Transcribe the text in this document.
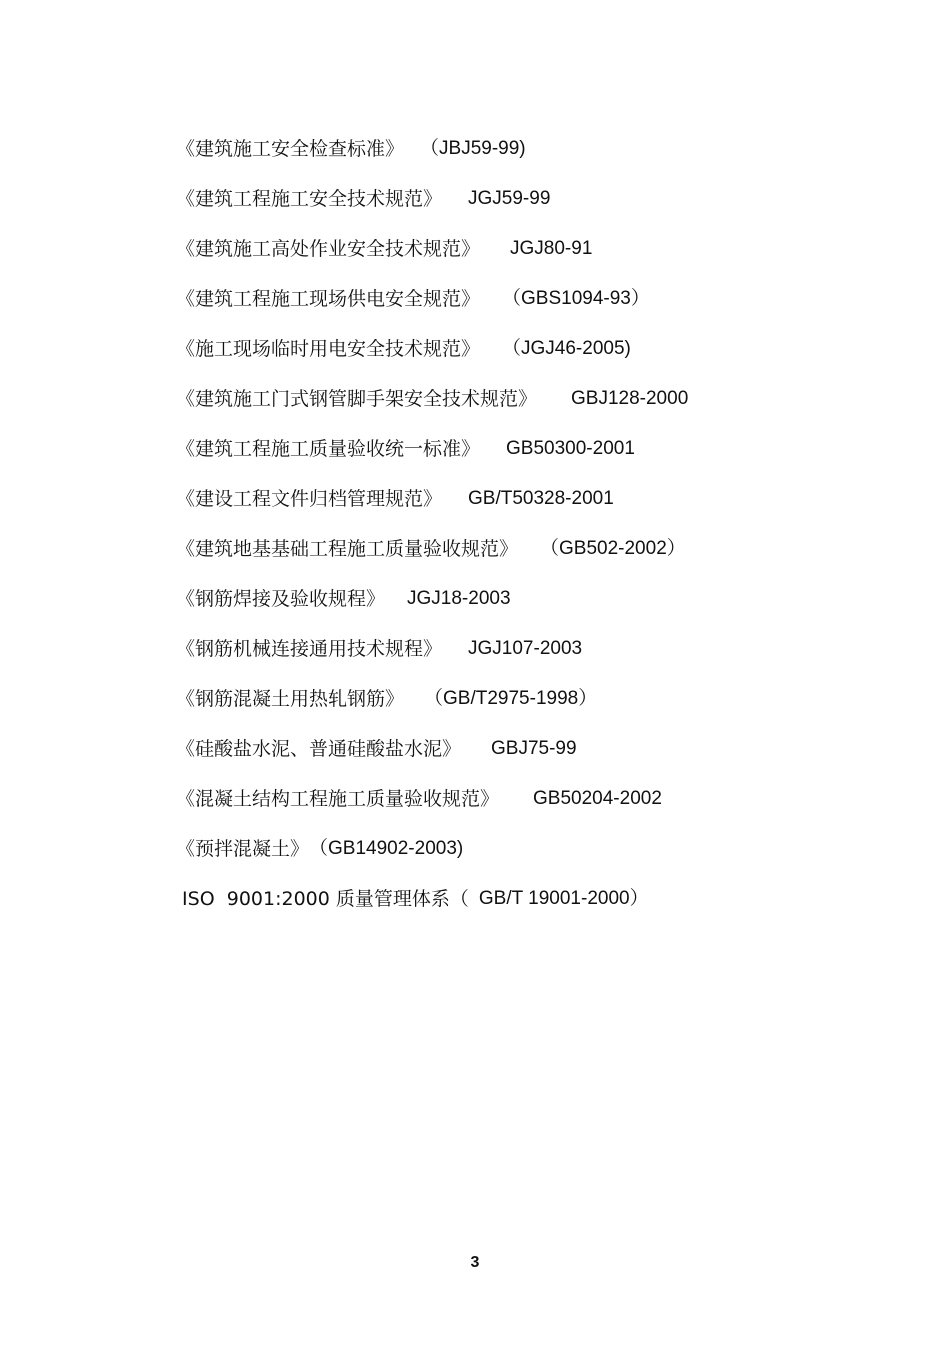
《建筑施工安全检查标准》 （JBJ59-99)
《建筑工程施工安全技术规范》 JGJ59-99
《建筑施工高处作业安全技术规范》 JGJ80-91
《建筑工程施工现场供电安全规范》 （GBS1094-93）
《施工现场临时用电安全技术规范》 （JGJ46-2005)
《建筑施工门式钢管脚手架安全技术规范》 GBJ128-2000
《建筑工程施工质量验收统一标准》 GB50300-2001
《建设工程文件归档管理规范》 GB/T50328-2001
《建筑地基基础工程施工质量验收规范》 （GB502-2002）
《钢筋焊接及验收规程》 JGJ18-2003
《钢筋机械连接通用技术规程》 JGJ107-2003
《钢筋混凝土用热轧钢筋》 （GB/T2975-1998）
《硅酸盐水泥、普通硅酸盐水泥》 GBJ75-99
《混凝土结构工程施工质量验收规范》 GB50204-2002
《预拌混凝土》 （GB14902-2003)
ISO  9001:2000 质量管理体系（ GB/T 19001-2000）
3
